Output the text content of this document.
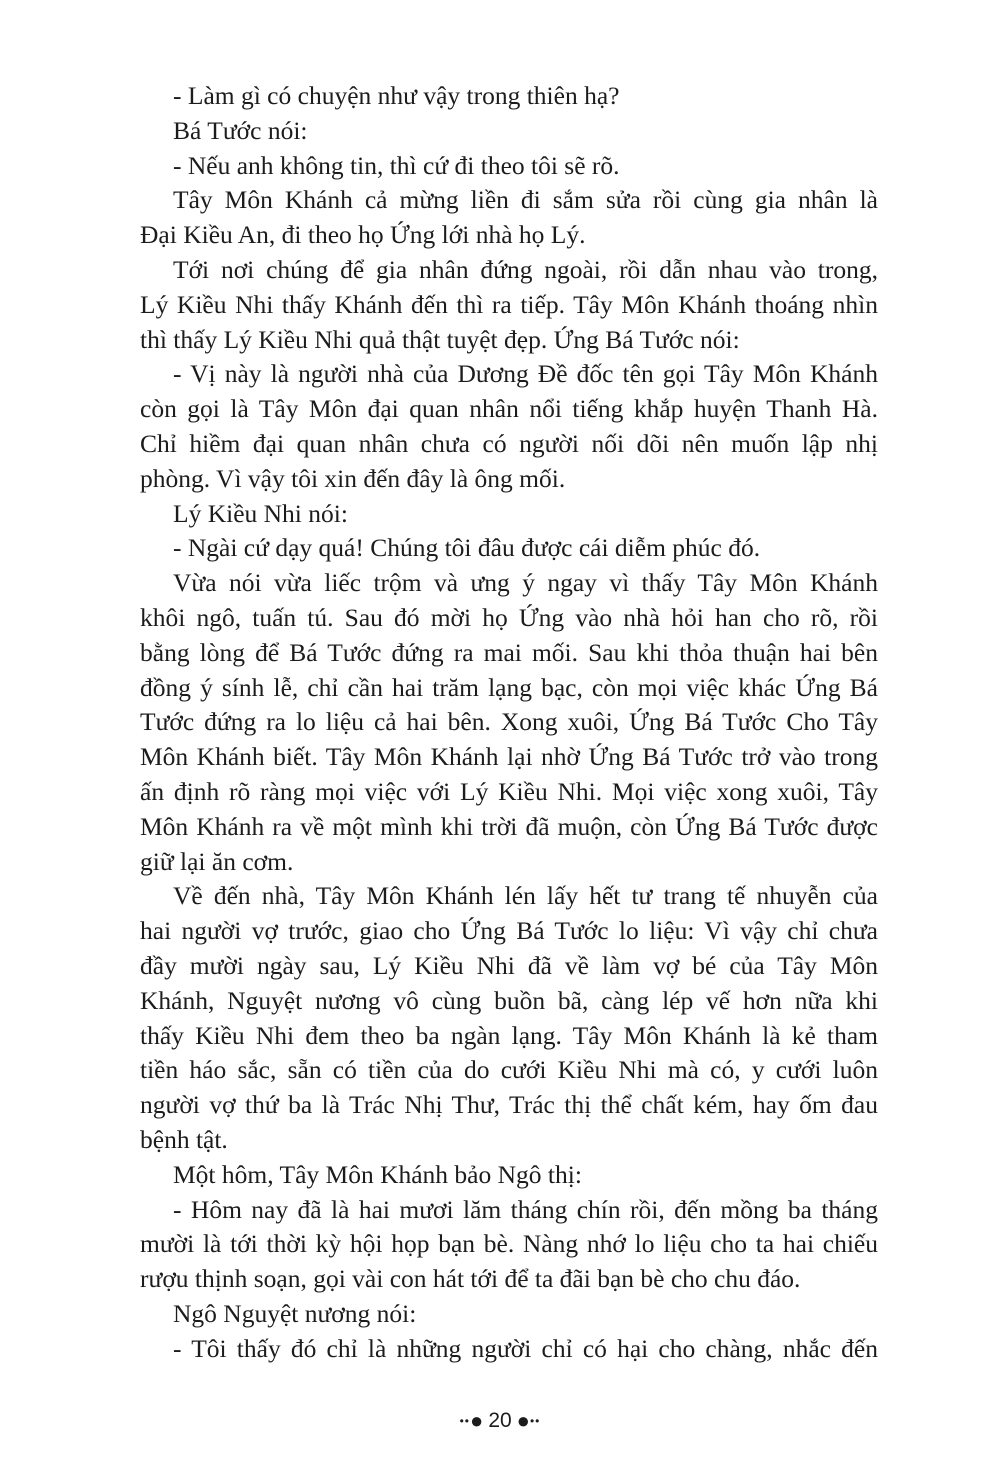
- Làm gì có chuyện như vậy trong thiên hạ?
Bá Tước nói:
- Nếu anh không tin, thì cứ đi theo tôi sẽ rõ.
Tây Môn Khánh cả mừng liền đi sắm sửa rồi cùng gia nhân là
Đại Kiều An, đi theo họ Ứng lới nhà họ Lý.
Tới nơi chúng để gia nhân đứng ngoài, rồi dẫn nhau vào trong,
Lý Kiều Nhi thấy Khánh đến thì ra tiếp. Tây Môn Khánh thoáng nhìn
thì thấy Lý Kiều Nhi quả thật tuyệt đẹp. Ứng Bá Tước nói:
- Vị này là người nhà của Dương Đề đốc tên gọi Tây Môn Khánh
còn gọi là Tây Môn đại quan nhân nổi tiếng khắp huyện Thanh Hà.
Chỉ hiềm đại quan nhân chưa có người nối dõi nên muốn lập nhị
phòng. Vì vậy tôi xin đến đây là ông mối.
Lý Kiều Nhi nói:
- Ngài cứ dạy quá! Chúng tôi đâu được cái diễm phúc đó.
Vừa nói vừa liếc trộm và ưng ý ngay vì thấy Tây Môn Khánh
khôi ngô, tuấn tú. Sau đó mời họ Ứng vào nhà hỏi han cho rõ, rồi
bằng lòng để Bá Tước đứng ra mai mối. Sau khi thỏa thuận hai bên
đồng ý sính lễ, chỉ cần hai trăm lạng bạc, còn mọi việc khác Ứng Bá
Tước đứng ra lo liệu cả hai bên. Xong xuôi, Ứng Bá Tước Cho Tây
Môn Khánh biết. Tây Môn Khánh lại nhờ Ứng Bá Tước trở vào trong
ấn định rõ ràng mọi việc với Lý Kiều Nhi. Mọi việc xong xuôi, Tây
Môn Khánh ra về một mình khi trời đã muộn, còn Ứng Bá Tước được
giữ lại ăn cơm.
Về đến nhà, Tây Môn Khánh lén lấy hết tư trang tế nhuyễn của
hai người vợ trước, giao cho Ứng Bá Tước lo liệu: Vì vậy chỉ chưa
đầy mười ngày sau, Lý Kiều Nhi đã về làm vợ bé của Tây Môn
Khánh, Nguyệt nương vô cùng buồn bã, càng lép vế hơn nữa khi
thấy Kiều Nhi đem theo ba ngàn lạng. Tây Môn Khánh là kẻ tham
tiền háo sắc, sẵn có tiền của do cưới Kiều Nhi mà có, y cưới luôn
người vợ thứ ba là Trác Nhị Thư, Trác thị thể chất kém, hay ốm đau
bệnh tật.
Một hôm, Tây Môn Khánh bảo Ngô thị:
- Hôm nay đã là hai mươi lăm tháng chín rồi, đến mồng ba tháng
mười là tới thời kỳ hội họp bạn bè. Nàng nhớ lo liệu cho ta hai chiếu
rượu thịnh soạn, gọi vài con hát tới để ta đãi bạn bè cho chu đáo.
Ngô Nguyệt nương nói:
- Tôi thấy đó chỉ là những người chỉ có hại cho chàng, nhắc đến
••● 20 ●••
